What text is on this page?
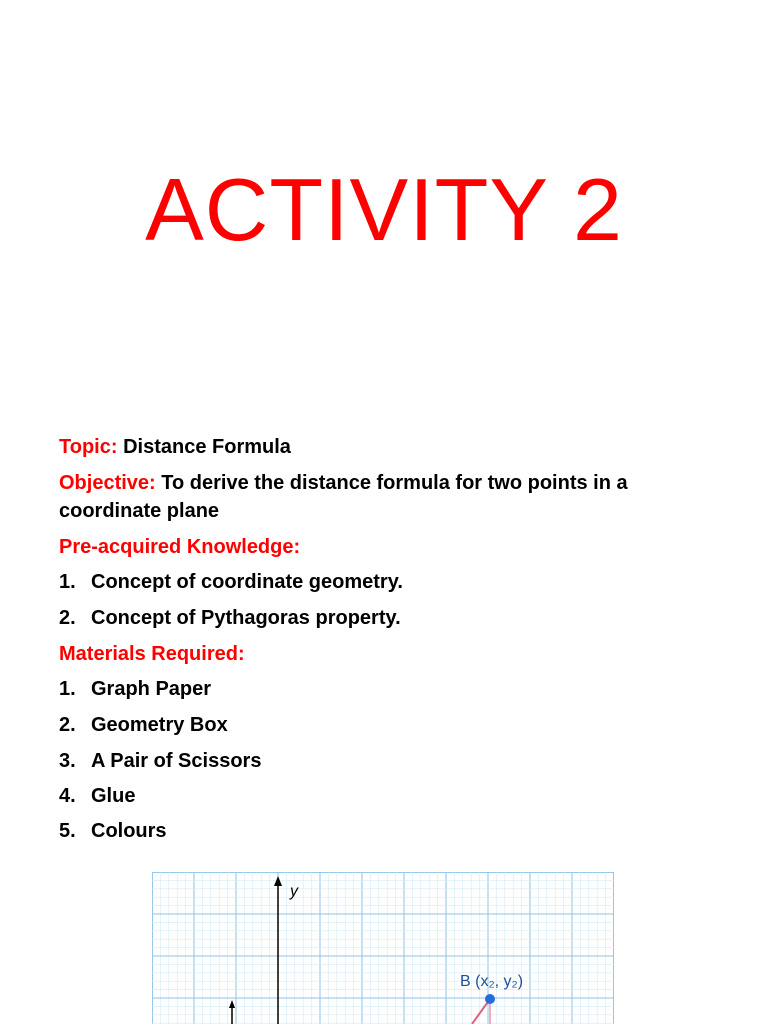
ACTIVITY 2
Topic: Distance Formula
Objective: To derive the distance formula for two points in a
coordinate plane
Pre-acquired Knowledge:
1. Concept of coordinate geometry.
2. Concept of Pythagoras property.
Materials Required:
1. Graph Paper
2. Geometry Box
3. A Pair of Scissors
4. Glue
5. Colours
y
B (x₂, y₂)
